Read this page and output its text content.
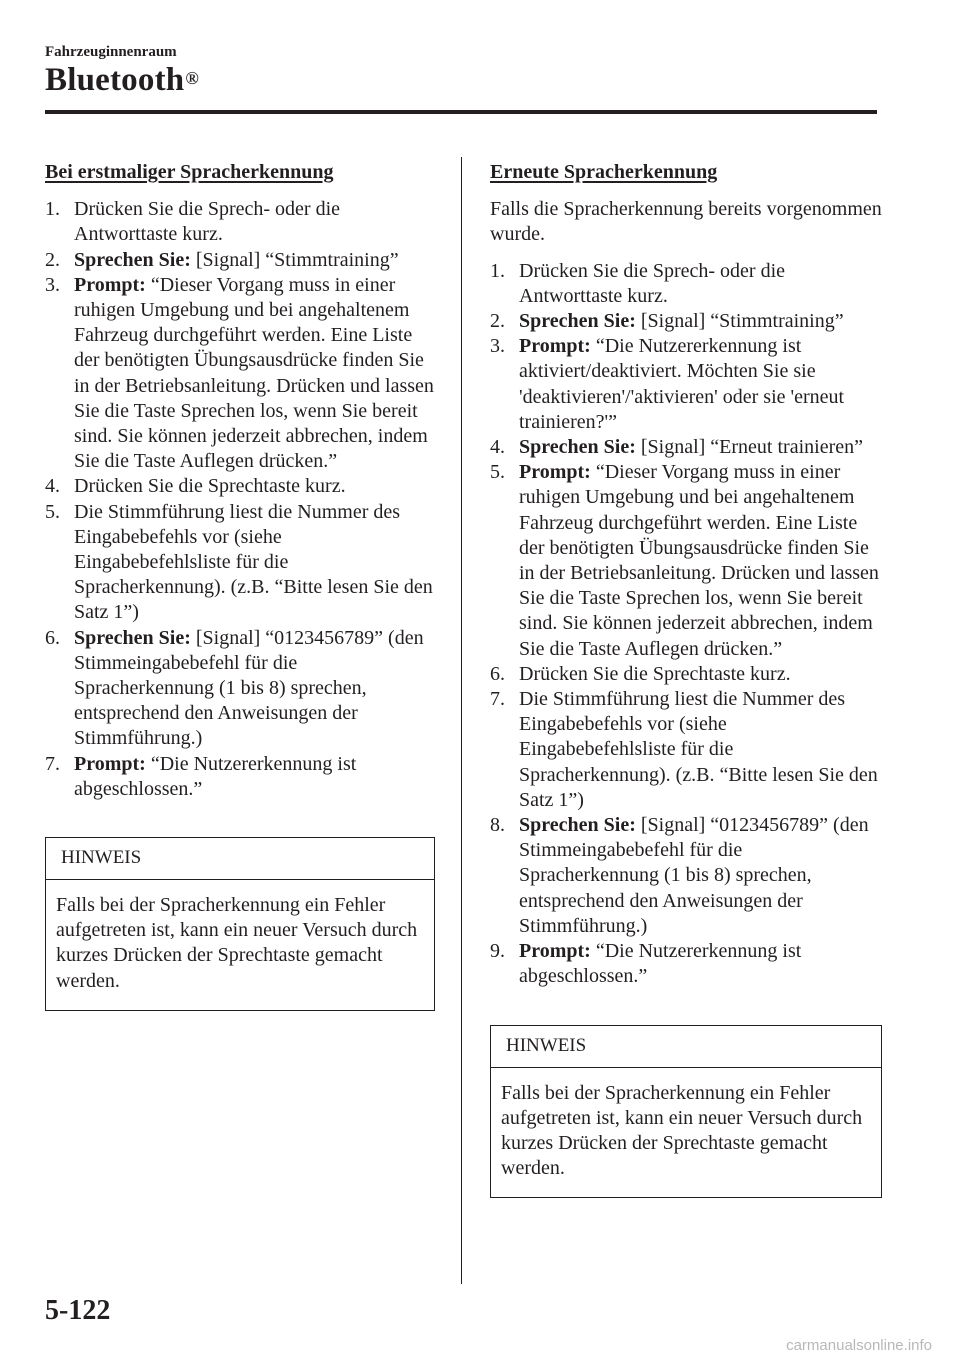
Fahrzeuginnenraum
Bluetooth®
Bei erstmaliger Spracherkennung
1. Drücken Sie die Sprech- oder die Antworttaste kurz.
2. Sprechen Sie: [Signal] “Stimmtraining”
3. Prompt: “Dieser Vorgang muss in einer ruhigen Umgebung und bei angehaltenem Fahrzeug durchgeführt werden. Eine Liste der benötigten Übungsausdrücke finden Sie in der Betriebsanleitung. Drücken und lassen Sie die Taste Sprechen los, wenn Sie bereit sind. Sie können jederzeit abbrechen, indem Sie die Taste Auflegen drücken.”
4. Drücken Sie die Sprechtaste kurz.
5. Die Stimmführung liest die Nummer des Eingabebefehls vor (siehe Eingabebefehlsliste für die Spracherkennung). (z.B. “Bitte lesen Sie den Satz 1”)
6. Sprechen Sie: [Signal] “0123456789” (den Stimmeingabebefehl für die Spracherkennung (1 bis 8) sprechen, entsprechend den Anweisungen der Stimmführung.)
7. Prompt: “Die Nutzererkennung ist abgeschlossen.”
HINWEIS
Falls bei der Spracherkennung ein Fehler aufgetreten ist, kann ein neuer Versuch durch kurzes Drücken der Sprechtaste gemacht werden.
Erneute Spracherkennung

Falls die Spracherkennung bereits vorgenommen wurde.

1. Drücken Sie die Sprech- oder die Antworttaste kurz.
2. Sprechen Sie: [Signal] “Stimmtraining”
3. Prompt: “Die Nutzererkennung ist aktiviert/deaktiviert. Möchten Sie sie 'deaktivieren'/'aktivieren' oder sie 'erneut trainieren?'”
4. Sprechen Sie: [Signal] “Erneut trainieren”
5. Prompt: “Dieser Vorgang muss in einer ruhigen Umgebung und bei angehaltenem Fahrzeug durchgeführt werden. Eine Liste der benötigten Übungsausdrücke finden Sie in der Betriebsanleitung. Drücken und lassen Sie die Taste Sprechen los, wenn Sie bereit sind. Sie können jederzeit abbrechen, indem Sie die Taste Auflegen drücken.”
6. Drücken Sie die Sprechtaste kurz.
7. Die Stimmführung liest die Nummer des Eingabebefehls vor (siehe Eingabebefehlsliste für die Spracherkennung). (z.B. “Bitte lesen Sie den Satz 1”)
8. Sprechen Sie: [Signal] “0123456789” (den Stimmeingabebefehl für die Spracherkennung (1 bis 8) sprechen, entsprechend den Anweisungen der Stimmführung.)
9. Prompt: “Die Nutzererkennung ist abgeschlossen.”
HINWEIS
Falls bei der Spracherkennung ein Fehler aufgetreten ist, kann ein neuer Versuch durch kurzes Drücken der Sprechtaste gemacht werden.
5-122
carmanualsonline.info
